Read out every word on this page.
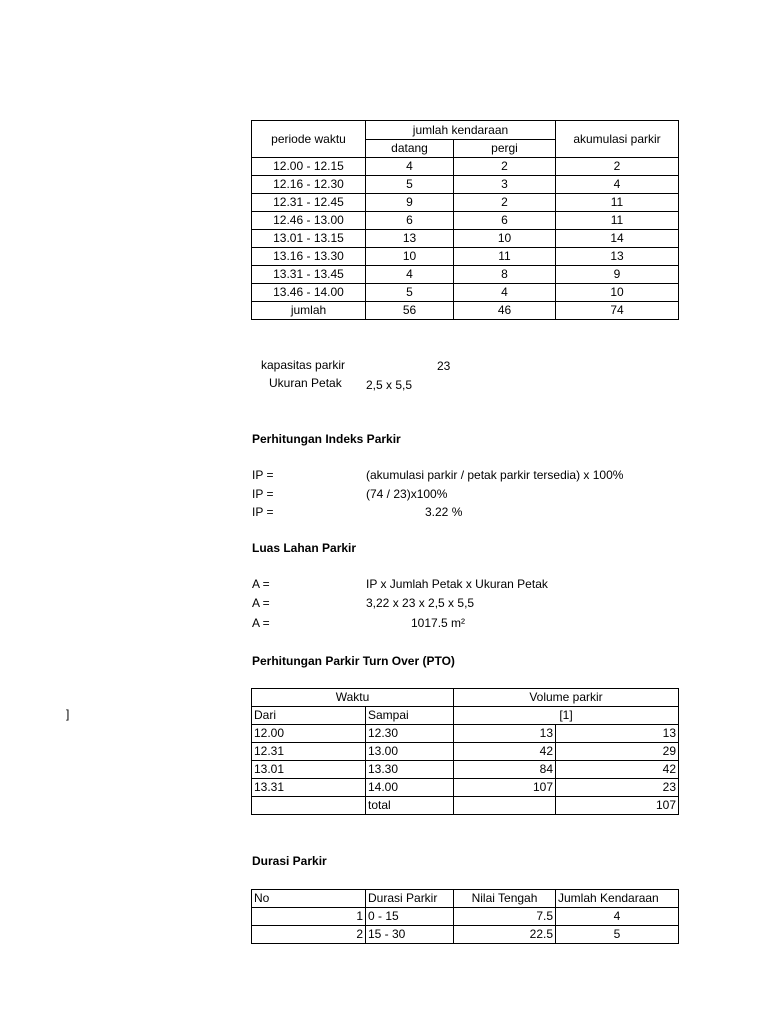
periode waktu	jumlah kendaraan		akumulasi parkir
	datang	pergi	
12.00 - 12.15	4	2	2
12.16 - 12.30	5	3	4
12.31 - 12.45	9	2	11
12.46 - 13.00	6	6	11
13.01 - 13.15	13	10	14
13.16 - 13.30	10	11	13
13.31 - 13.45	4	8	9
13.46 - 14.00	5	4	10
jumlah	56	46	74
kapasitas parkir	23
Ukuran Petak 2,5 x 5,5
Perhitungan Indeks Parkir
IP =	(akumulasi parkir / petak parkir tersedia) x 100%
IP =	(74 / 23)x100%
IP =	3.22 %
Luas Lahan Parkir
A =	IP x Jumlah Petak x Ukuran Petak
A =	3,22 x 23 x 2,5 x 5,5
A =	1017.5 m²
Perhitungan Parkir Turn Over (PTO)
]
Waktu		Volume parkir	
Dari	Sampai	[1]	
12.00	12.30	13	13
12.31	13.00	42	29
13.01	13.30	84	42
13.31	14.00	107	23
	total		107
Durasi Parkir
No	Durasi Parkir	Nilai Tengah	Jumlah Kendaraan
1	0 - 15	7.5	4
2	15 - 30	22.5	5
